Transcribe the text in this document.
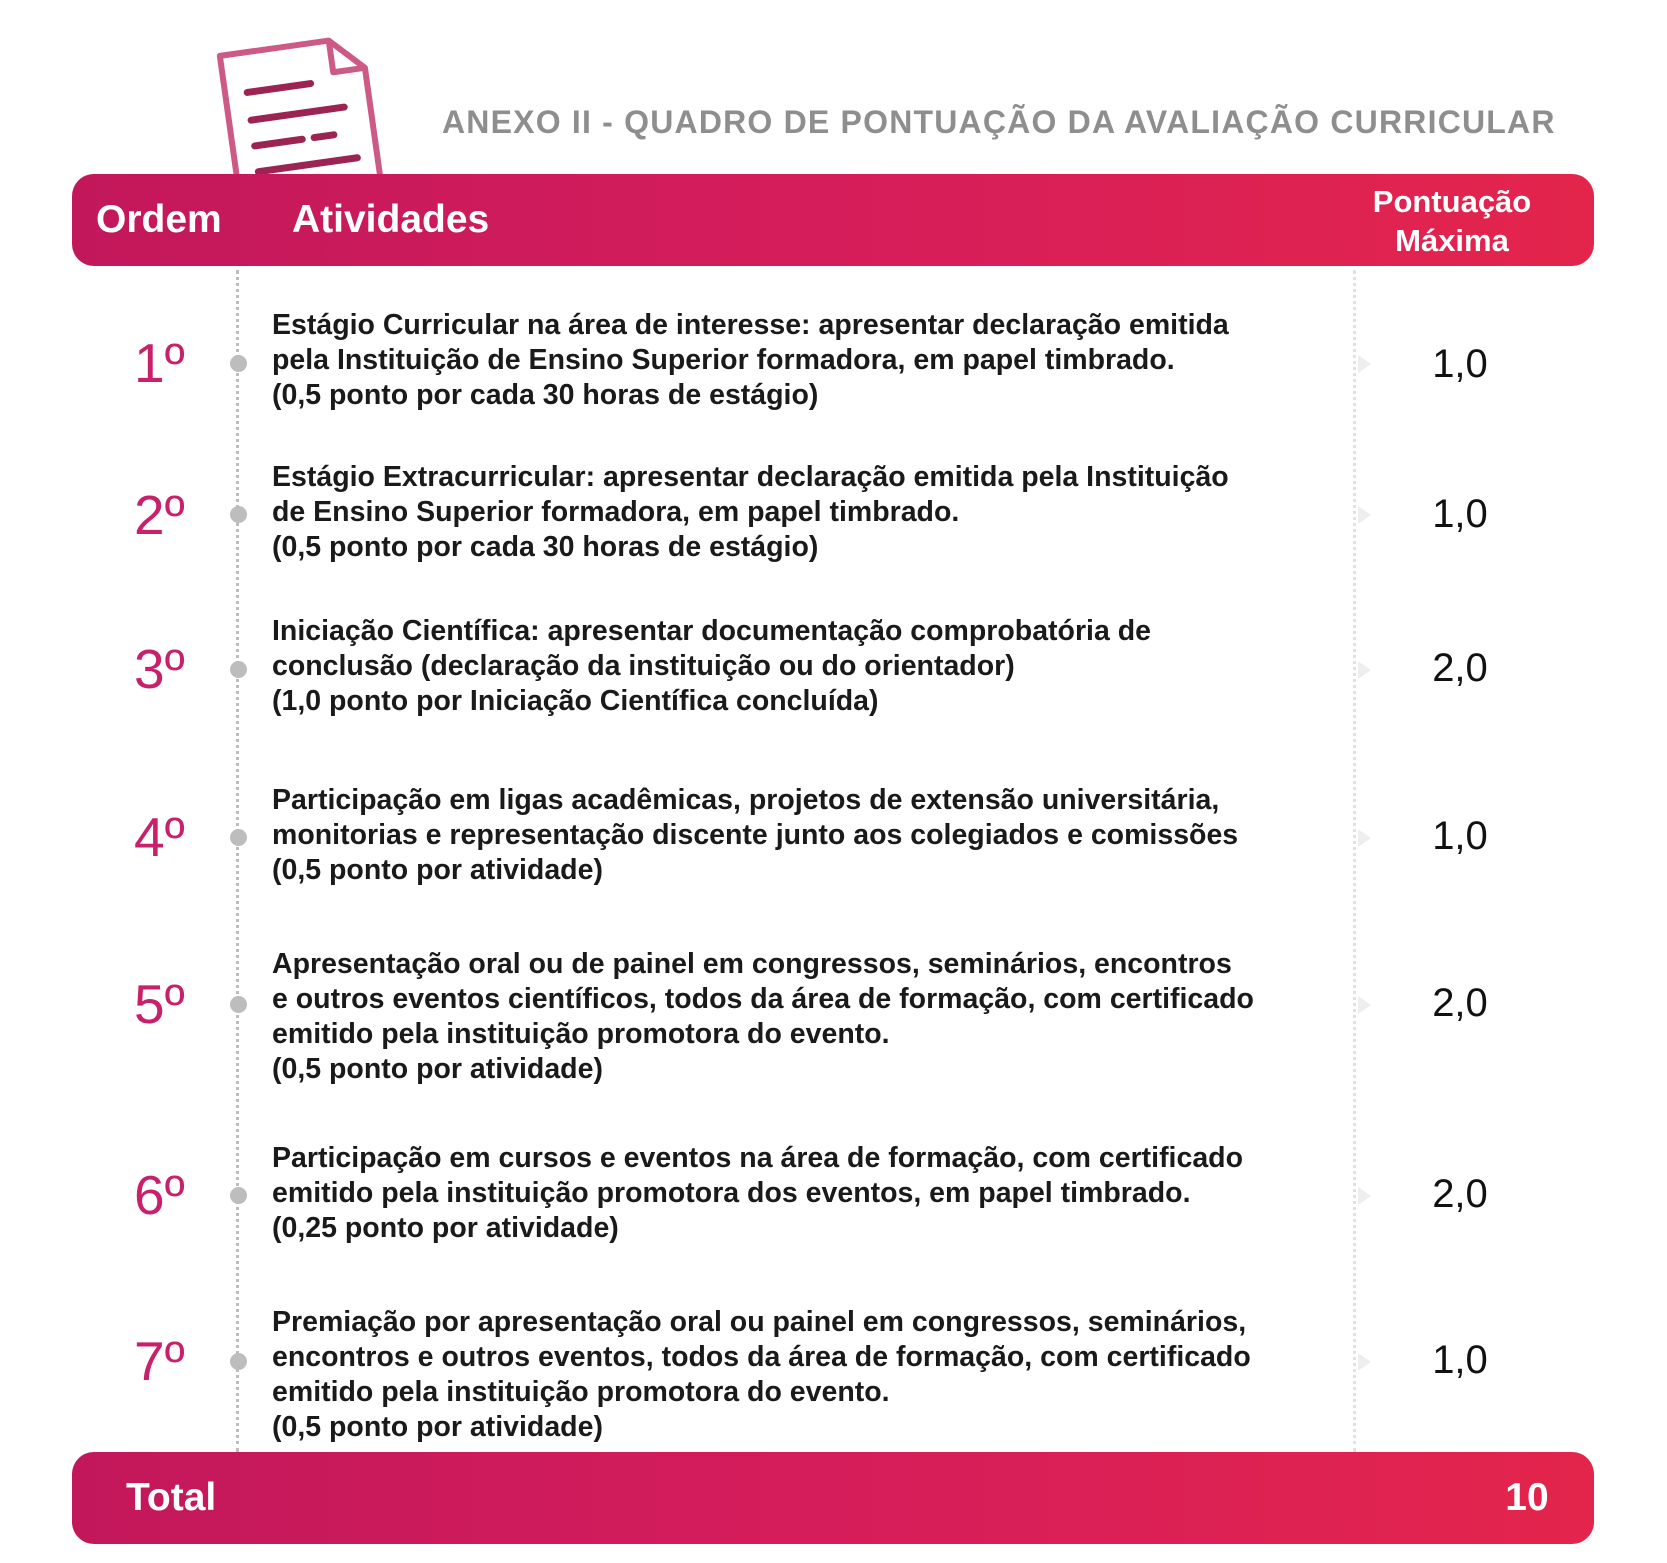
ANEXO II - QUADRO DE PONTUAÇÃO DA AVALIAÇÃO CURRICULAR
Ordem Atividades	Pontuação
Máxima
1º
Estágio Curricular na área de interesse: apresentar declaração emitida
pela Instituição de Ensino Superior formadora, em papel timbrado.
(0,5 ponto por cada 30 horas de estágio)
1,0
2º
Estágio Extracurricular: apresentar declaração emitida pela Instituição
de Ensino Superior formadora, em papel timbrado.
(0,5 ponto por cada 30 horas de estágio)
1,0
3º
Iniciação Científica: apresentar documentação comprobatória de
conclusão (declaração da instituição ou do orientador)
(1,0 ponto por Iniciação Científica concluída)
2,0
4º
Participação em ligas acadêmicas, projetos de extensão universitária,
monitorias e representação discente junto aos colegiados e comissões
(0,5 ponto por atividade)
1,0
5º
Apresentação oral ou de painel em congressos, seminários, encontros
e outros eventos científicos, todos da área de formação, com certificado
emitido pela instituição promotora do evento.
(0,5 ponto por atividade)
2,0
6º
Participação em cursos e eventos na área de formação, com certificado
emitido pela instituição promotora dos eventos, em papel timbrado.
(0,25 ponto por atividade)
2,0
7º
Premiação por apresentação oral ou painel em congressos, seminários,
encontros e outros eventos, todos da área de formação, com certificado
emitido pela instituição promotora do evento.
(0,5 ponto por atividade)
1,0
Total	10
